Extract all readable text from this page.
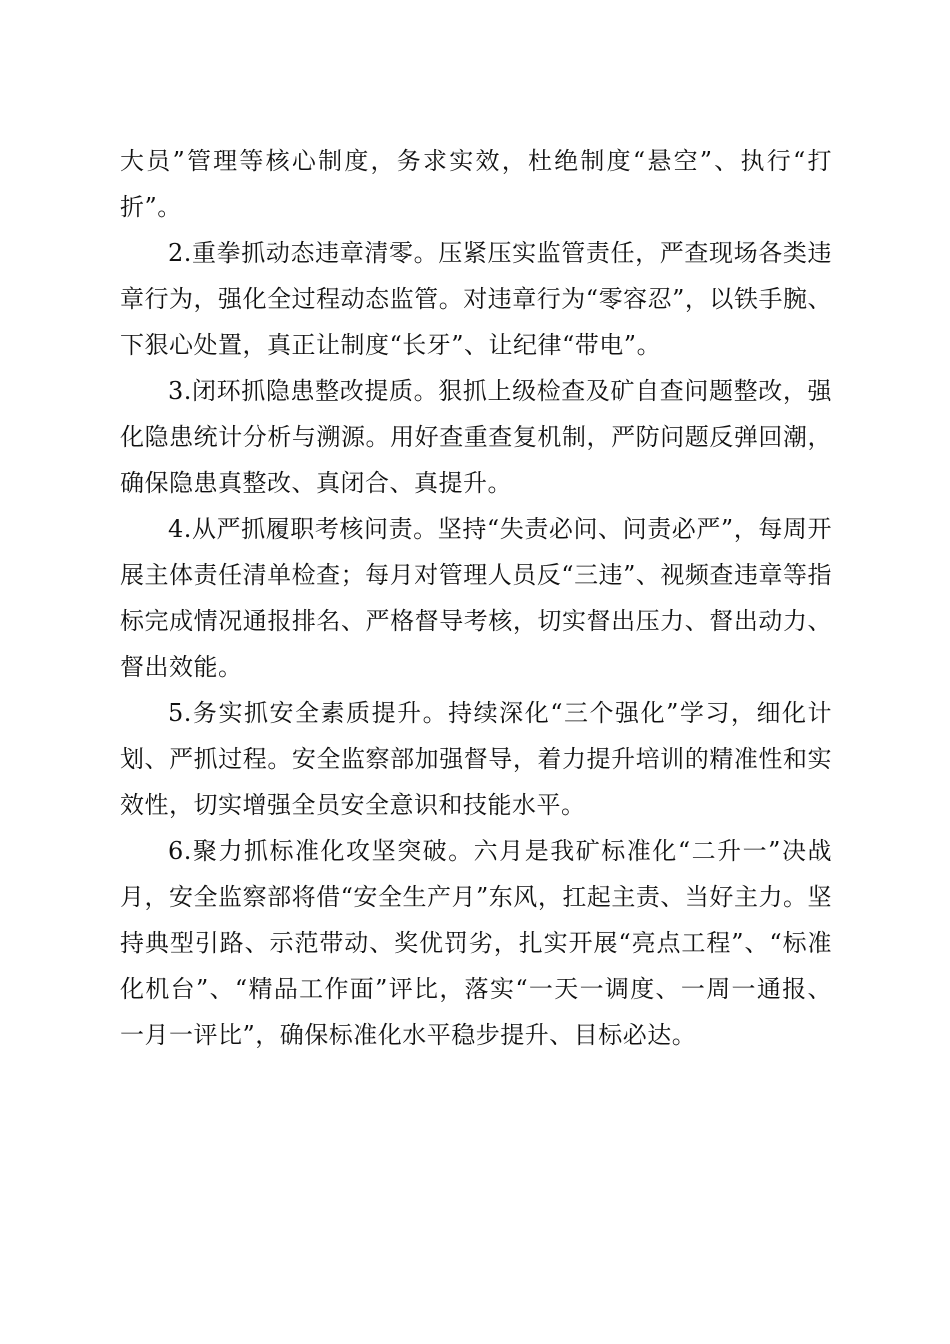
大员”管理等核心制度，务求实效，杜绝制度“悬空”、执行“打折”。

2.重拳抓动态违章清零。压紧压实监管责任，严查现场各类违章行为，强化全过程动态监管。对违章行为“零容忍”，以铁手腕、下狠心处置，真正让制度“长牙”、让纪律“带电”。

3.闭环抓隐患整改提质。狠抓上级检查及矿自查问题整改，强化隐患统计分析与溯源。用好查重查复机制，严防问题反弹回潮，确保隐患真整改、真闭合、真提升。

4.从严抓履职考核问责。坚持“失责必问、问责必严”，每周开展主体责任清单检查；每月对管理人员反“三违”、视频查违章等指标完成情况通报排名、严格督导考核，切实督出压力、督出动力、督出效能。

5.务实抓安全素质提升。持续深化“三个强化”学习，细化计划、严抓过程。安全监察部加强督导，着力提升培训的精准性和实效性，切实增强全员安全意识和技能水平。

6.聚力抓标准化攻坚突破。六月是我矿标准化“二升一”决战月，安全监察部将借“安全生产月”东风，扛起主责、当好主力。坚持典型引路、示范带动、奖优罚劣，扎实开展“亮点工程”、“标准化机台”、“精品工作面”评比，落实“一天一调度、一周一通报、一月一评比”，确保标准化水平稳步提升、目标必达。
